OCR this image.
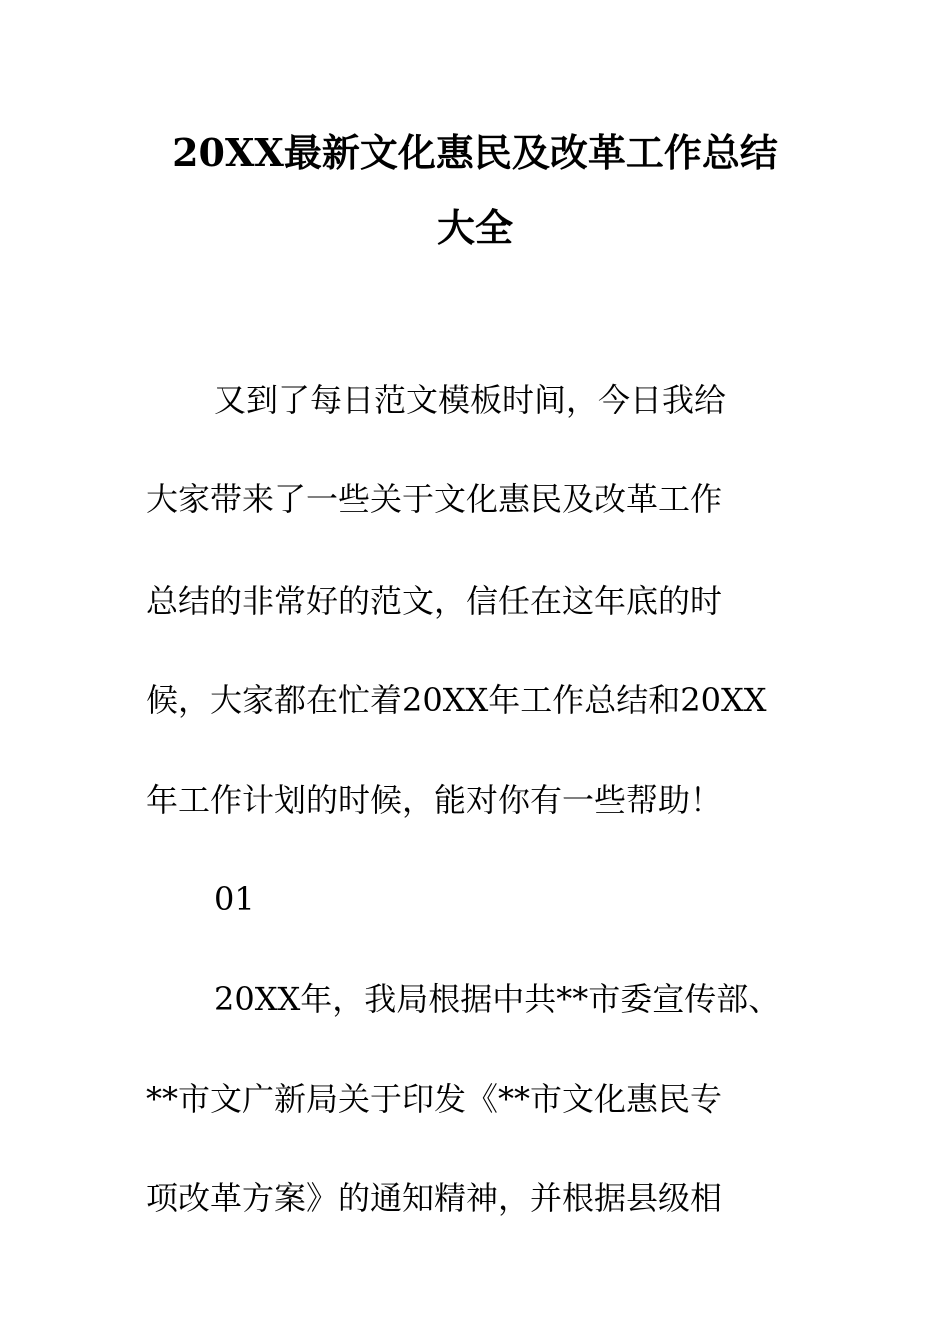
20XX最新文化惠民及改革工作总结
大全
又到了每日范文模板时间，今日我给
大家带来了一些关于文化惠民及改革工作
总结的非常好的范文，信任在这年底的时
候，大家都在忙着20XX年工作总结和20XX
年工作计划的时候，能对你有一些帮助！
01
20XX年，我局根据中共**市委宣传部、
**市文广新局关于印发《**市文化惠民专
项改革方案》的通知精神，并根据县级相
